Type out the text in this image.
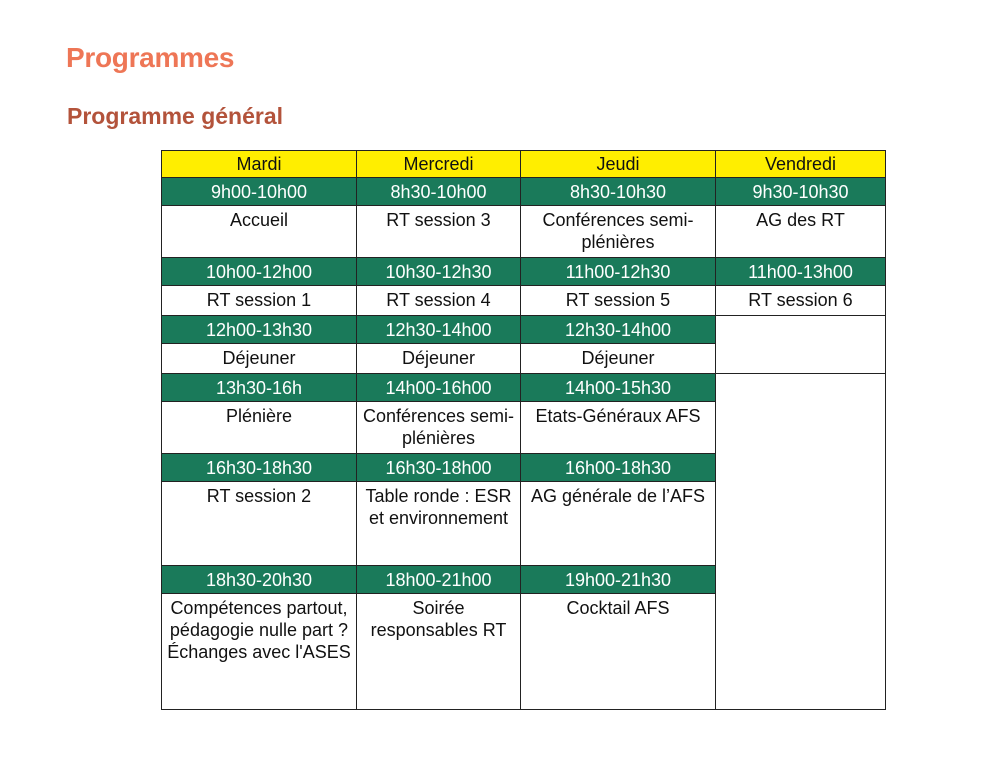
Programmes
Programme général
Mardi	Mercredi	Jeudi	Vendredi
9h00-10h00	8h30-10h00	8h30-10h30	9h30-10h30
Accueil	RT session 3	Conférences semi-plénières	AG des RT
10h00-12h00	10h30-12h30	11h00-12h30	11h00-13h00
RT session 1	RT session 4	RT session 5	RT session 6
12h00-13h30	12h30-14h00	12h30-14h00	
Déjeuner	Déjeuner	Déjeuner	
13h30-16h	14h00-16h00	14h00-15h30	
Plénière	Conférences semi-plénières	Etats-Généraux AFS	
16h30-18h30	16h30-18h00	16h00-18h30	
RT session 2	Table ronde : ESR et environnement	AG générale de l’AFS	
18h30-20h30	18h00-21h00	19h00-21h30	
Compétences partout, pédagogie nulle part ? Échanges avec l'ASES	Soirée responsables RT	Cocktail AFS	
